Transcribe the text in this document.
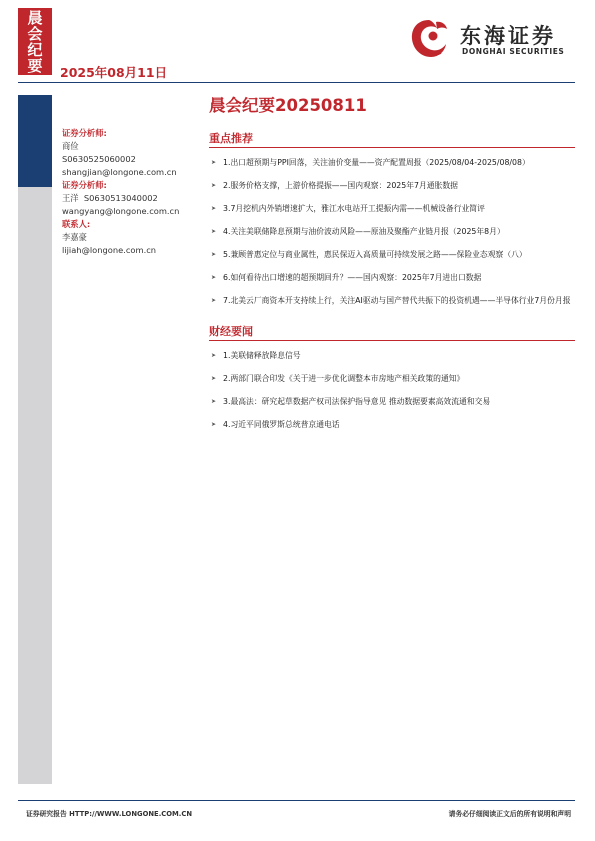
晨会纪要	2025年08月11日
东海证券
DONGHAI SECURITIES
证券分析师:
商俭
S0630525060002
shangjian@longone.com.cn
证券分析师:
王洋 S0630513040002
wangyang@longone.com.cn
联系人:
李嘉豪
lijiah@longone.com.cn
晨会纪要20250811
重点推荐
➤ 1.出口超预期与PPI回落，关注油价变量——资产配置周报（2025/08/04-2025/08/08）
➤ 2.服务价格支撑，上游价格提振——国内观察：2025年7月通胀数据
➤ 3.7月挖机内外销增速扩大，雅江水电站开工提振内需——机械设备行业简评
➤ 4.关注美联储降息预期与油价波动风险——原油及聚酯产业链月报（2025年8月）
➤ 5.兼顾普惠定位与商业属性，惠民保迈入高质量可持续发展之路——保险业态观察（八）
➤ 6.如何看待出口增速的超预期回升？——国内观察：2025年7月进出口数据
➤ 7.北美云厂商资本开支持续上行，关注AI驱动与国产替代共振下的投资机遇——半导体行业7月份月报
财经要闻
➤ 1.美联储释放降息信号
➤ 2.两部门联合印发《关于进一步优化调整本市房地产相关政策的通知》
➤ 3.最高法：研究起草数据产权司法保护指导意见 推动数据要素高效流通和交易
➤ 4.习近平同俄罗斯总统普京通电话
证券研究报告 HTTP://WWW.LONGONE.COM.CN	请务必仔细阅读正文后的所有说明和声明
